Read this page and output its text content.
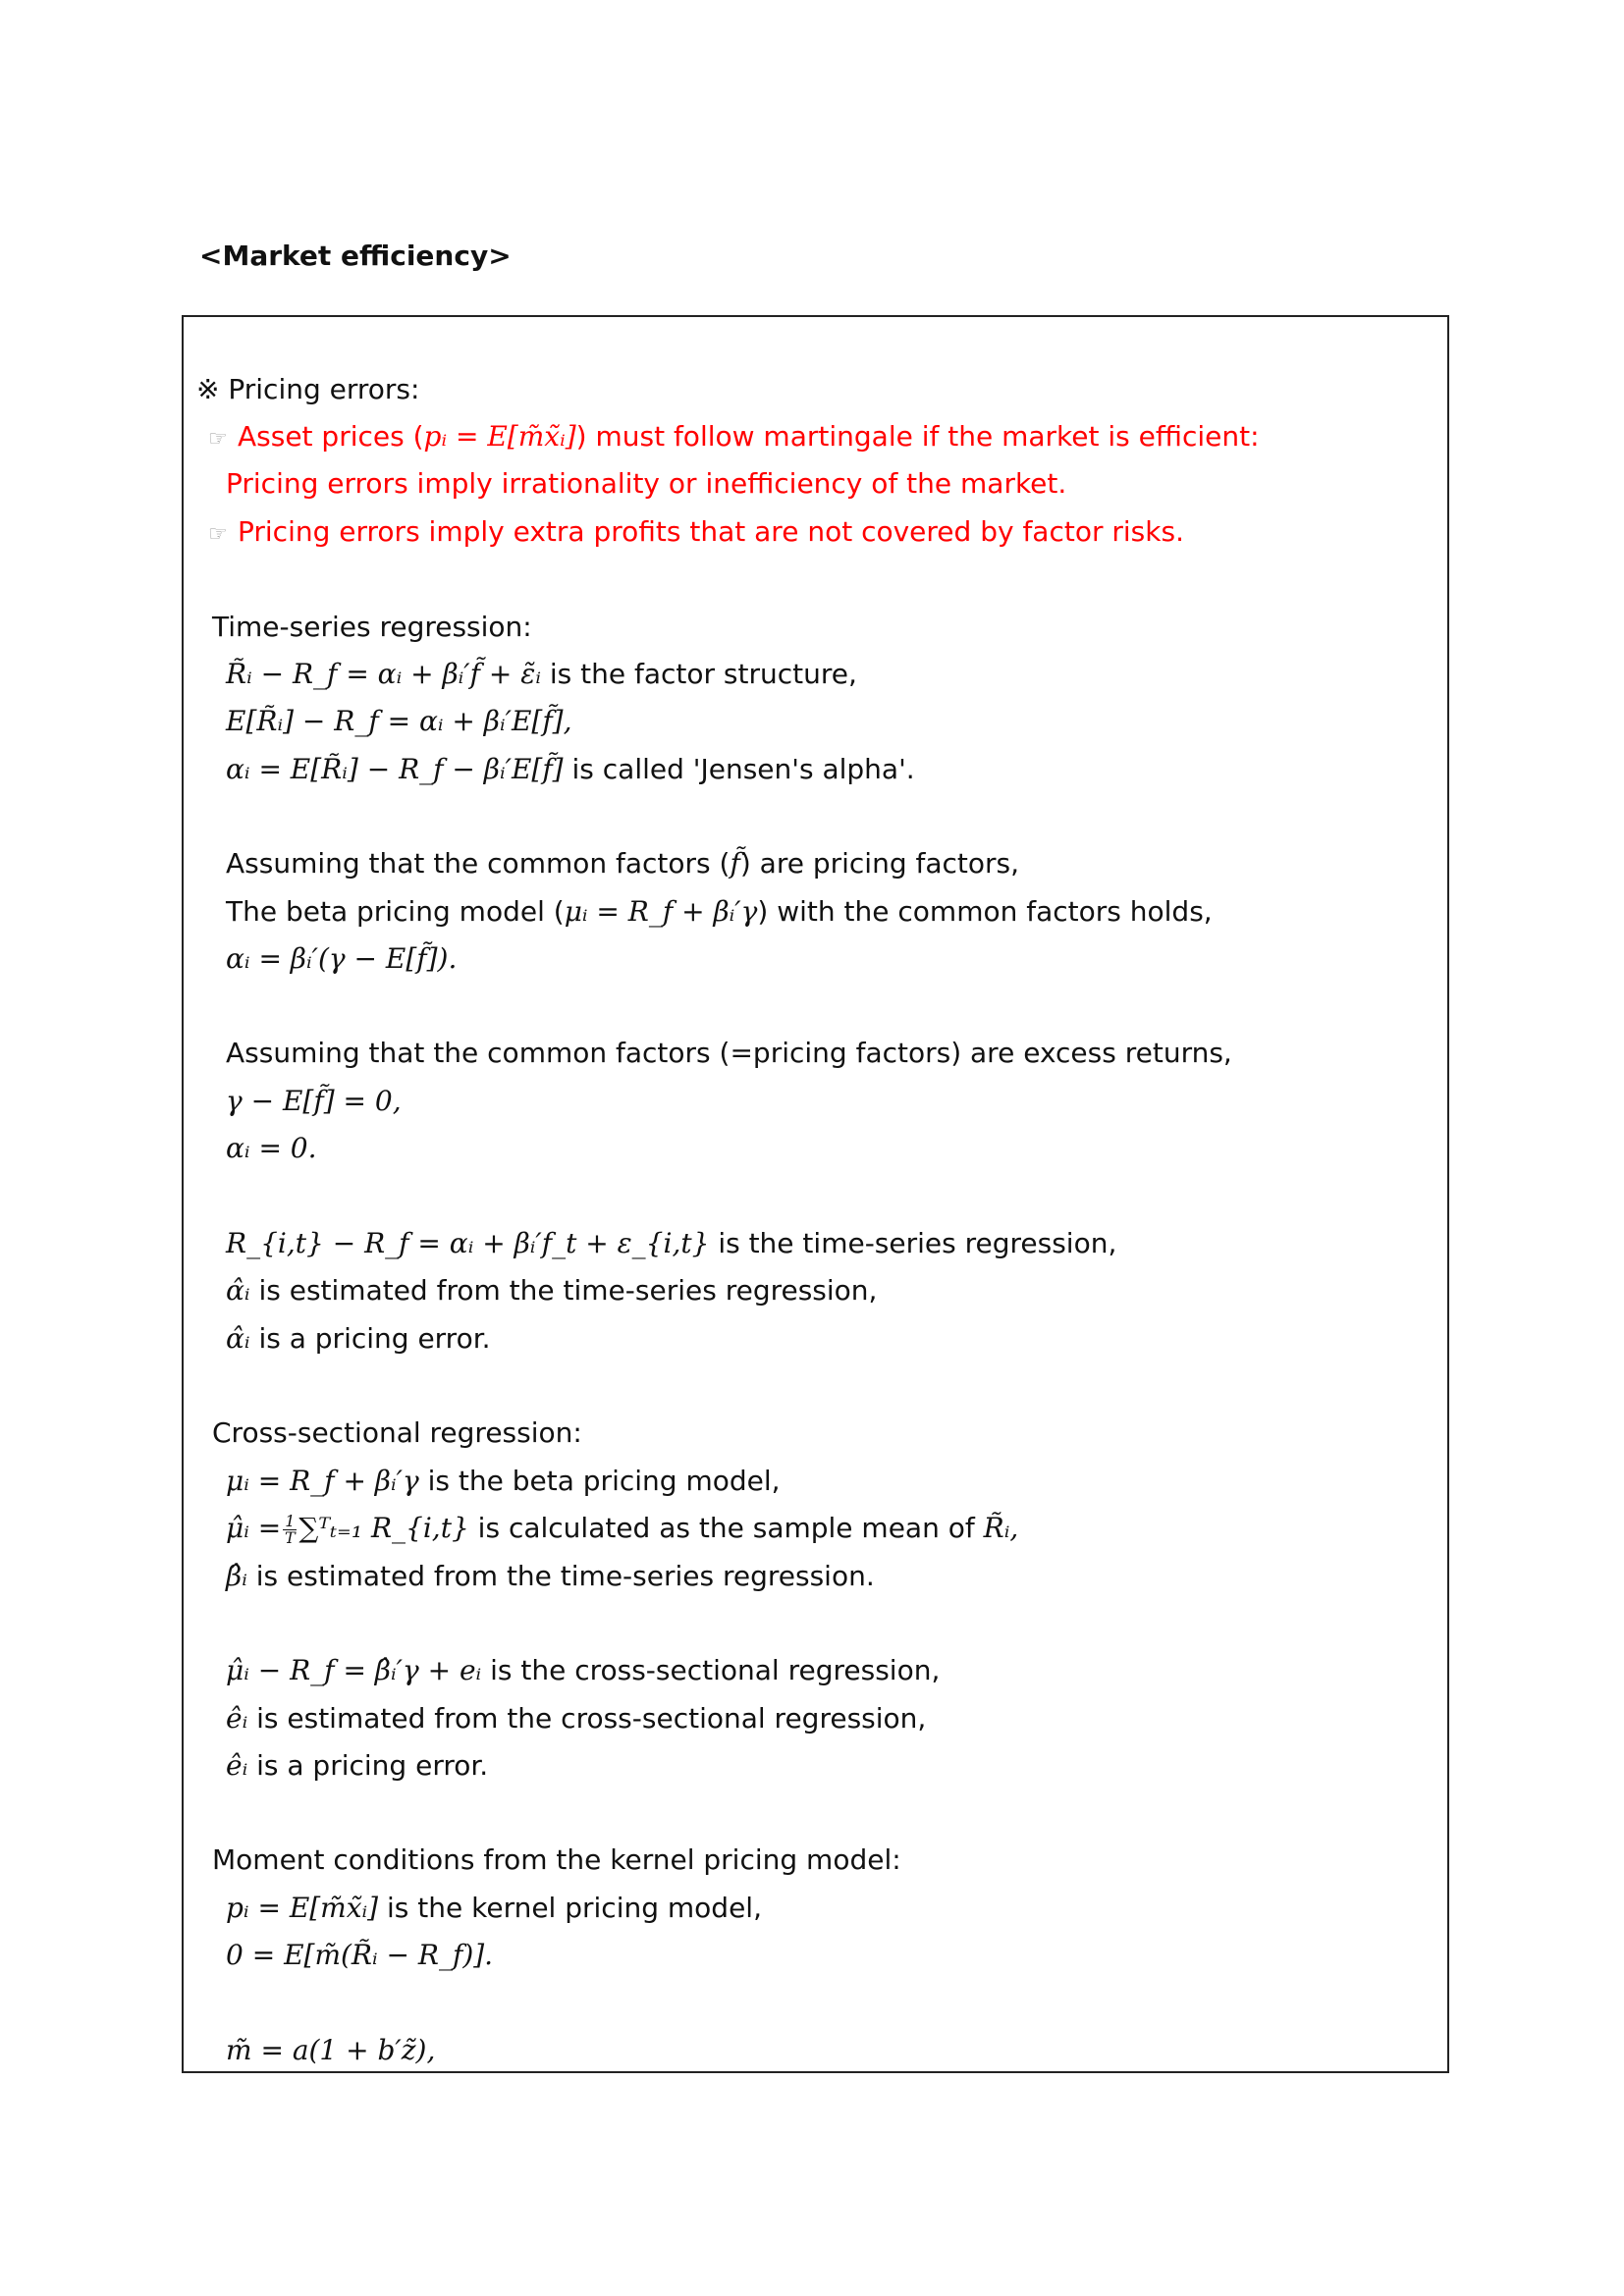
<Market efficiency>
※ Pricing errors:
☞ Asset prices (pᵢ = E[m̃x̃ᵢ]) must follow martingale if the market is efficient:
Pricing errors imply irrationality or inefficiency of the market.
☞ Pricing errors imply extra profits that are not covered by factor risks.
Time-series regression:
R̃ᵢ − R_f = αᵢ + βᵢ′f̃ + ε̃ᵢ is the factor structure,
E[R̃ᵢ] − R_f = αᵢ + βᵢ′E[f̃],
αᵢ = E[R̃ᵢ] − R_f − βᵢ′E[f̃] is called 'Jensen's alpha'.
Assuming that the common factors (f̃) are pricing factors,
The beta pricing model (μᵢ = R_f + βᵢ′γ) with the common factors holds,
αᵢ = βᵢ′(γ − E[f̃]).
Assuming that the common factors (=pricing factors) are excess returns,
γ − E[f̃] = 0,
αᵢ = 0.
R_{i,t} − R_f = αᵢ + βᵢ′f_t + ε_{i,t} is the time-series regression,
α̂ᵢ is estimated from the time-series regression,
α̂ᵢ is a pricing error.
Cross-sectional regression:
μᵢ = R_f + βᵢ′γ is the beta pricing model,
μ̂ᵢ = $\frac{1}{T}$ ∑ᵀₜ₌₁ R_{i,t} is calculated as the sample mean of R̃ᵢ,
β̂ᵢ is estimated from the time-series regression.
μ̂ᵢ − R_f = β̂ᵢ′γ + eᵢ is the cross-sectional regression,
êᵢ is estimated from the cross-sectional regression,
êᵢ is a pricing error.
Moment conditions from the kernel pricing model:
pᵢ = E[m̃x̃ᵢ] is the kernel pricing model,
0 = E[m̃(R̃ᵢ − R_f)].
m̃ = a(1 + b′z̃),
